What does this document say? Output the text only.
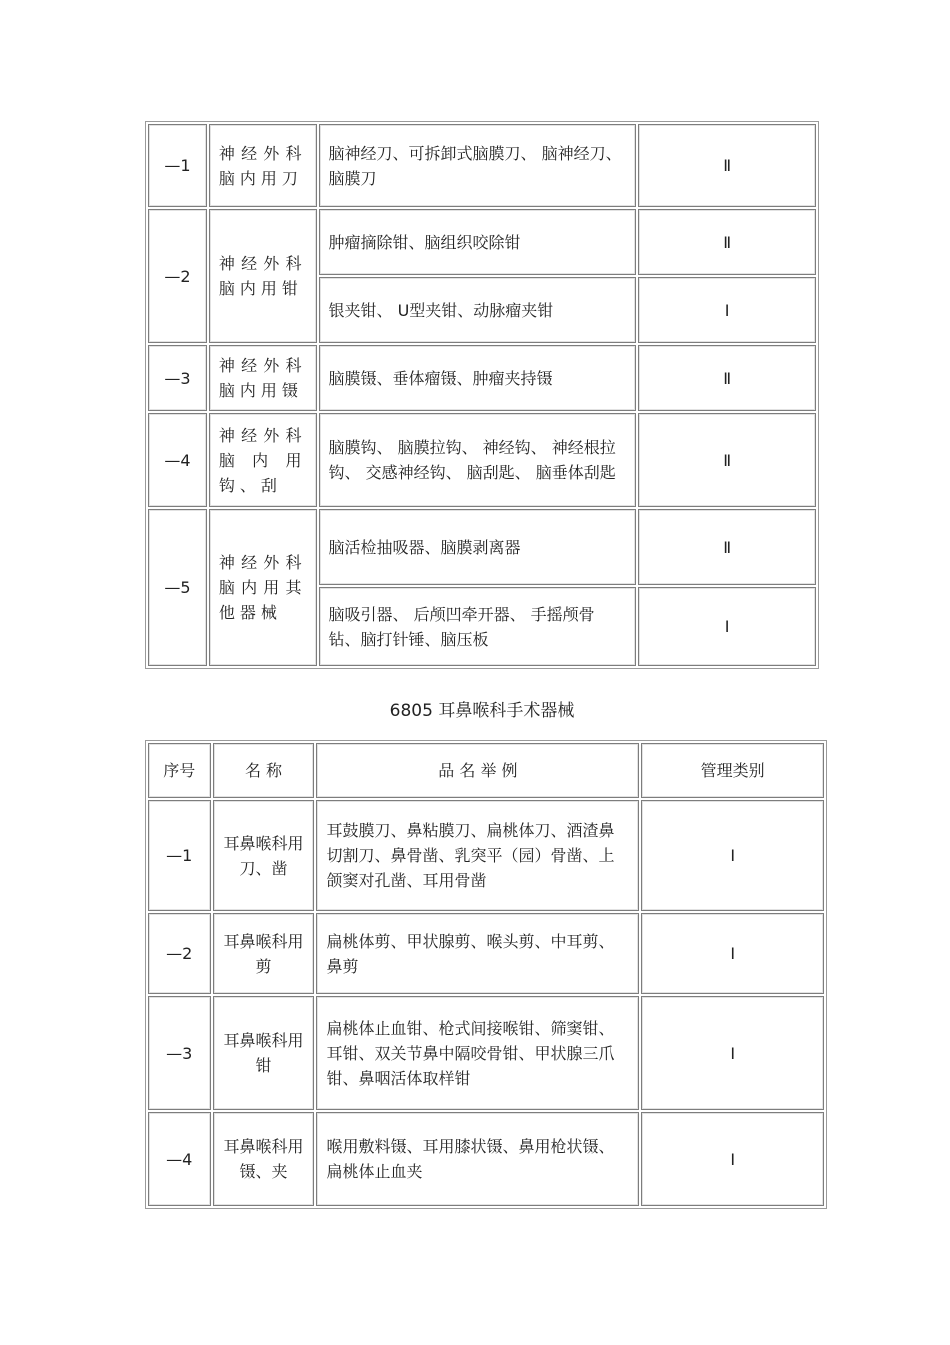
—1	神经外科脑内用刀	脑神经刀、可拆卸式脑膜刀、 脑神经刀、脑膜刀	Ⅱ
—2	神经外科脑内用钳	肿瘤摘除钳、脑组织咬除钳	Ⅱ
		银夹钳、 U型夹钳、动脉瘤夹钳	Ⅰ
—3	神经外科脑内用镊	脑膜镊、垂体瘤镊、肿瘤夹持镊	Ⅱ
—4	神经外科脑内用钩、刮	脑膜钩、 脑膜拉钩、 神经钩、 神经根拉钩、 交感神经钩、 脑刮匙、 脑垂体刮匙	Ⅱ
—5	神经外科脑内用其他器械	脑活检抽吸器、脑膜剥离器	Ⅱ
		脑吸引器、 后颅凹牵开器、 手摇颅骨钻、脑打针锤、脑压板	Ⅰ
6805 耳鼻喉科手术器械
序号	名 称	品 名 举 例	管理类别
—1	耳鼻喉科用刀、凿	耳鼓膜刀、鼻粘膜刀、扁桃体刀、酒渣鼻切割刀、鼻骨凿、乳突平（园）骨凿、上颌窦对孔凿、耳用骨凿	Ⅰ
—2	耳鼻喉科用剪	扁桃体剪、甲状腺剪、喉头剪、中耳剪、鼻剪	Ⅰ
—3	耳鼻喉科用钳	扁桃体止血钳、枪式间接喉钳、筛窦钳、耳钳、双关节鼻中隔咬骨钳、甲状腺三爪钳、鼻咽活体取样钳	Ⅰ
—4	耳鼻喉科用镊、夹	喉用敷料镊、耳用膝状镊、鼻用枪状镊、扁桃体止血夹	Ⅰ
